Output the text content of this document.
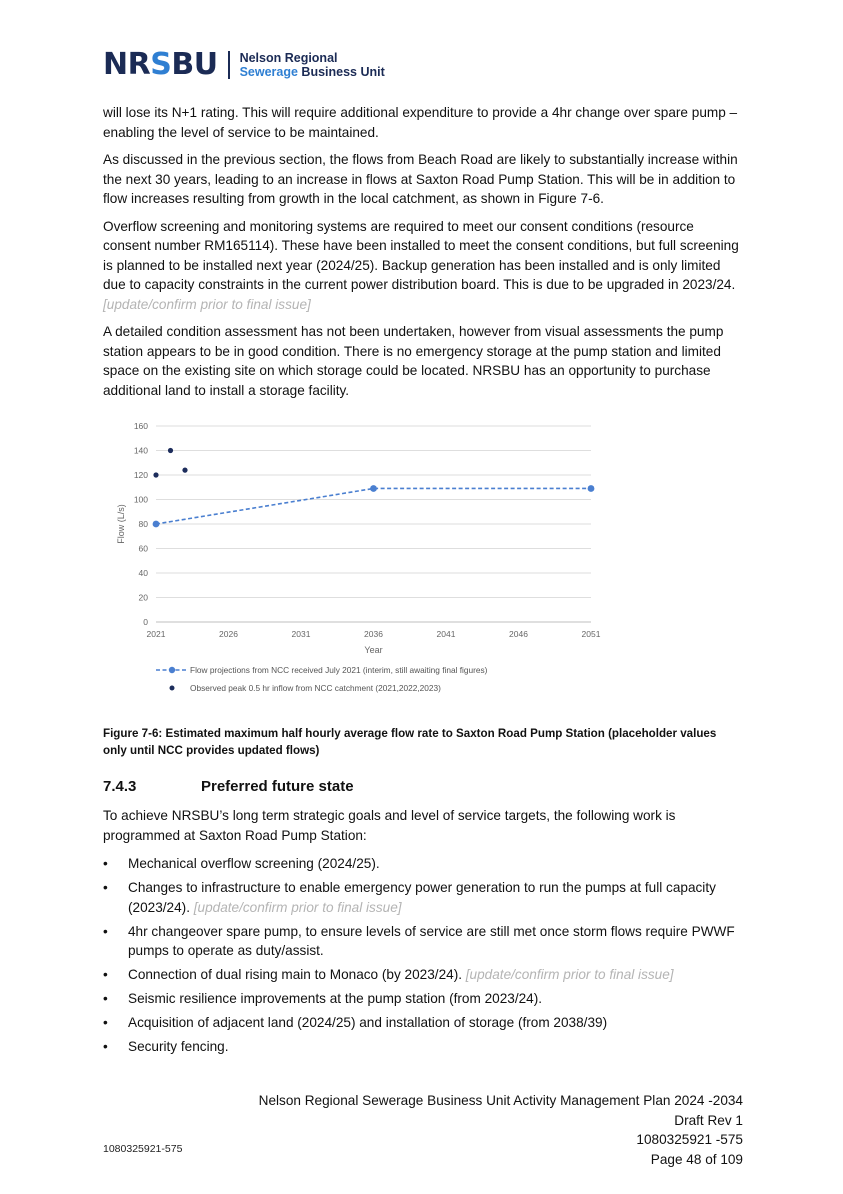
NRSBU Nelson Regional
Sewerage Business Unit

will lose its N+1 rating. This will require additional expenditure to provide a 4hr change over spare pump – enabling the level of service to be maintained.

As discussed in the previous section, the flows from Beach Road are likely to substantially increase within the next 30 years, leading to an increase in flows at Saxton Road Pump Station. This will be in addition to flow increases resulting from growth in the local catchment, as shown in Figure 7-6.

Overflow screening and monitoring systems are required to meet our consent conditions (resource consent number RM165114). These have been installed to meet the consent conditions, but full screening is planned to be installed next year (2024/25). Backup generation has been installed and is only limited due to capacity constraints in the current power distribution board. This is due to be upgraded in 2023/24. [update/confirm prior to final issue]

A detailed condition assessment has not been undertaken, however from visual assessments the pump station appears to be in good condition. There is no emergency storage at the pump station and limited space on the existing site on which storage could be located. NRSBU has an opportunity to purchase additional land to install a storage facility.

0
20
40
60
80
100
120
140
160
2021	2026	2031	2036	2041	2046	2051
Year
Flow (L/s)
Flow projections from NCC received July 2021 (interim, still awaiting final figures)
Observed peak 0.5 hr inflow from NCC catchment (2021,2022,2023)
Figure 7-6: Estimated maximum half hourly average flow rate to Saxton Road Pump Station (placeholder values only until NCC provides updated flows)
7.4.3	Preferred future state
To achieve NRSBU’s long term strategic goals and level of service targets, the following work is programmed at Saxton Road Pump Station:
• Mechanical overflow screening (2024/25).
• Changes to infrastructure to enable emergency power generation to run the pumps at full capacity (2023/24). [update/confirm prior to final issue]
• 4hr changeover spare pump, to ensure levels of service are still met once storm flows require PWWF pumps to operate as duty/assist.
• Connection of dual rising main to Monaco (by 2023/24). [update/confirm prior to final issue]
• Seismic resilience improvements at the pump station (from 2023/24).
• Acquisition of adjacent land (2024/25) and installation of storage (from 2038/39)
• Security fencing.
Nelson Regional Sewerage Business Unit Activity Management Plan 2024 -2034
Draft Rev 1
1080325921 -575
Page 48 of 109
1080325921-575
